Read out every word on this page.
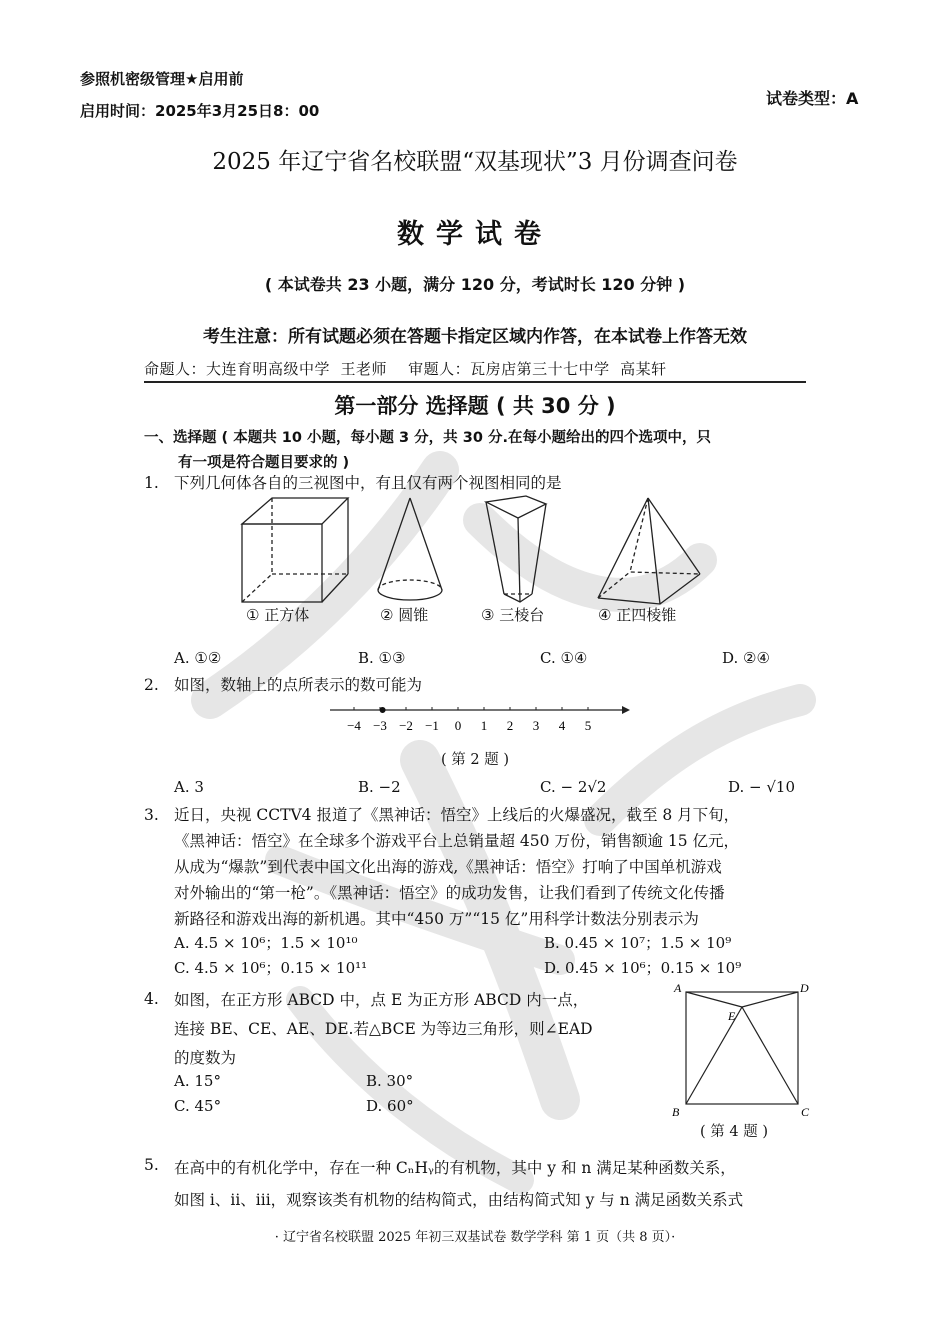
参照机密级管理★启用前
启用时间：2025年3月25日8：00
试卷类型：A
2025 年辽宁省名校联盟“双基现状”3 月份调查问卷
数学试卷
( 本试卷共 23 小题，满分 120 分，考试时长 120 分钟 )
考生注意：所有试题必须在答题卡指定区域内作答，在本试卷上作答无效
命题人：大连育明高级中学  王老师    审题人：瓦房店第三十七中学  高某轩
第一部分 选择题 ( 共 30 分 )
一、选择题 ( 本题共 10 小题，每小题 3 分，共 30 分.在每小题给出的四个选项中，只
有一项是符合题目要求的 )
1. 下列几何体各自的三视图中，有且仅有两个视图相同的是
① 正方体	② 圆锥	③ 三棱台	④ 正四棱锥
A. ①②	B. ①③	C. ①④	D. ②④
2. 如图，数轴上的点所表示的数可能为
−4 −3 −2 −1 0 1 2 3 4 5
( 第 2 题 )
A. 3	B. −2	C. − 2√2	D. − √10
3. 近日，央视 CCTV4 报道了《黑神话：悟空》上线后的火爆盛况，截至 8 月下旬，
《黑神话：悟空》在全球多个游戏平台上总销量超 450 万份，销售额逾 15 亿元，
从成为“爆款”到代表中国文化出海的游戏,《黑神话：悟空》打响了中国单机游戏
对外输出的“第一枪”。《黑神话：悟空》的成功发售，让我们看到了传统文化传播
新路径和游戏出海的新机遇。其中“450 万”“15 亿”用科学计数法分别表示为
A. 4.5 × 10⁶；1.5 × 10¹⁰	B. 0.45 × 10⁷；1.5 × 10⁹
C. 4.5 × 10⁶；0.15 × 10¹¹	D. 0.45 × 10⁶；0.15 × 10⁹
4. 如图，在正方形 ABCD 中，点 E 为正方形 ABCD 内一点，
连接 BE、CE、AE、DE.若△BCE 为等边三角形，则∠EAD
的度数为
A. 15°	B. 30°
C. 45°	D. 60°
A	D
E
B	C
( 第 4 题 )
5. 在高中的有机化学中，存在一种 CₙHᵧ的有机物，其中 y 和 n 满足某种函数关系，
如图 i、ii、iii，观察该类有机物的结构简式，由结构简式知 y 与 n 满足函数关系式
· 辽宁省名校联盟 2025 年初三双基试卷 数学学科 第 1 页（共 8 页）·
